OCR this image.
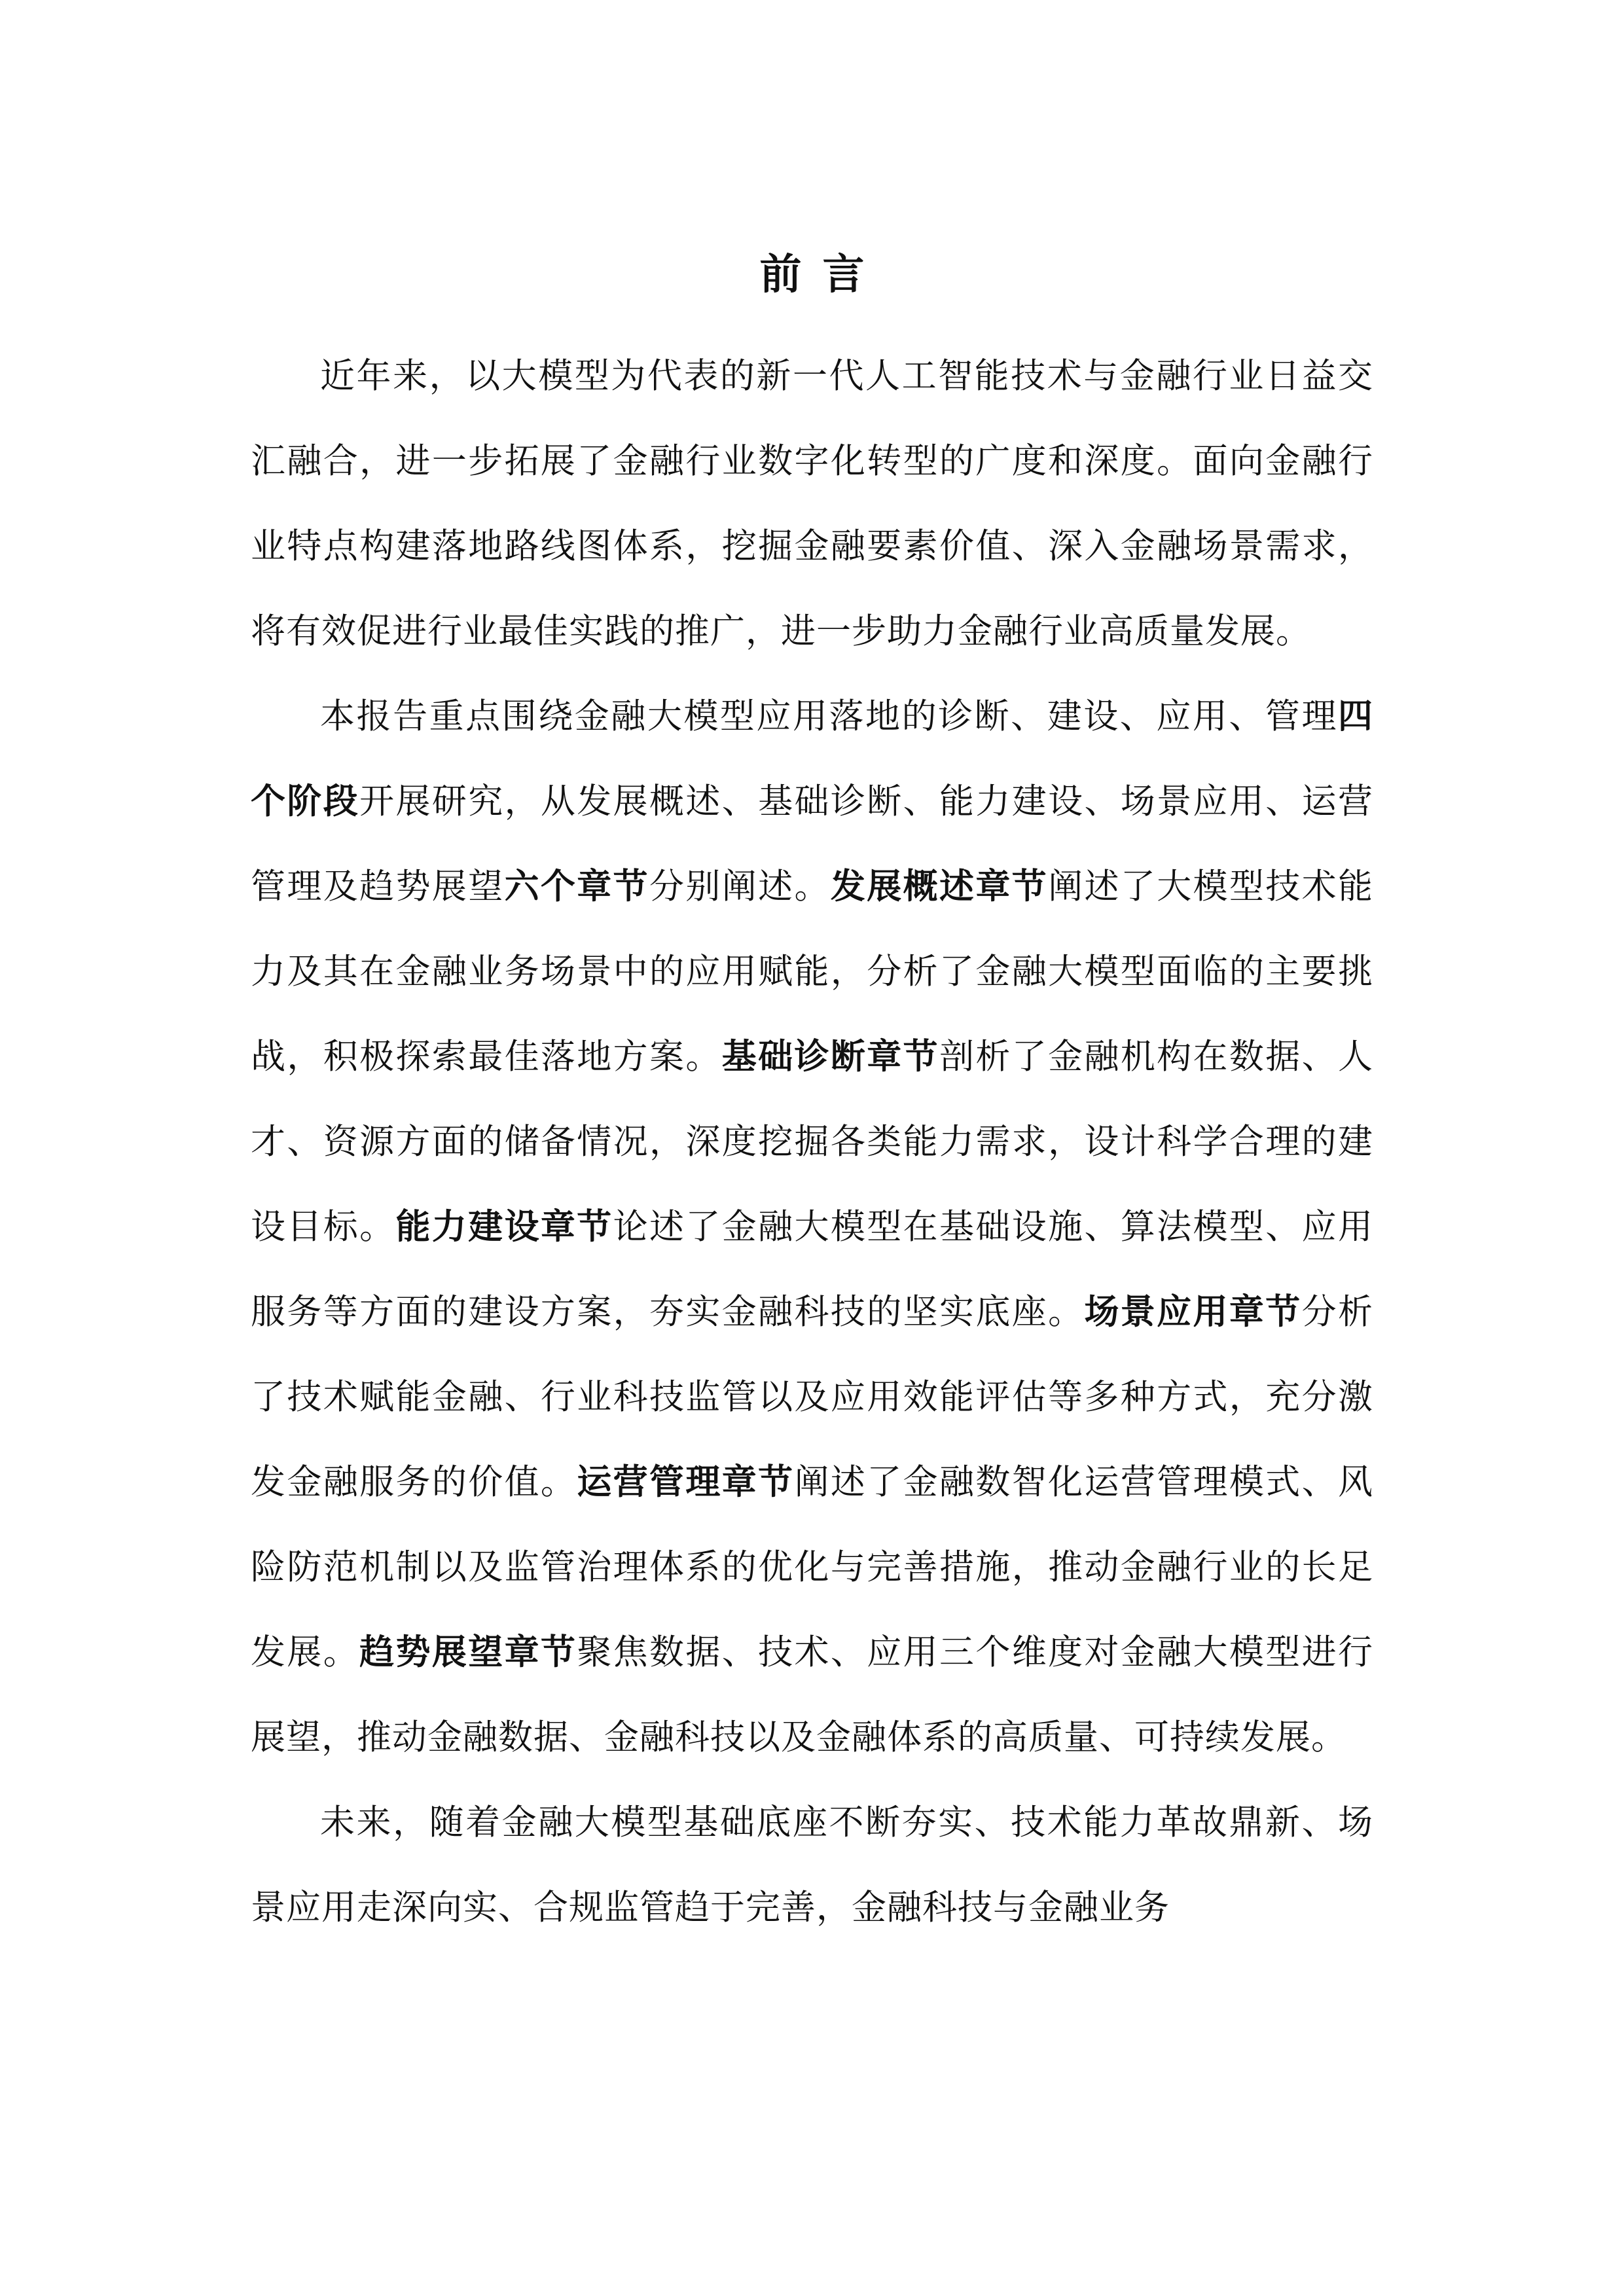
前言

近年来，以大模型为代表的新一代人工智能技术与金融行业日益交汇融合，进一步拓展了金融行业数字化转型的广度和深度。面向金融行业特点构建落地路线图体系，挖掘金融要素价值、深入金融场景需求，将有效促进行业最佳实践的推广，进一步助力金融行业高质量发展。

本报告重点围绕金融大模型应用落地的诊断、建设、应用、管理四个阶段开展研究，从发展概述、基础诊断、能力建设、场景应用、运营管理及趋势展望六个章节分别阐述。发展概述章节阐述了大模型技术能力及其在金融业务场景中的应用赋能，分析了金融大模型面临的主要挑战，积极探索最佳落地方案。基础诊断章节剖析了金融机构在数据、人才、资源方面的储备情况，深度挖掘各类能力需求，设计科学合理的建设目标。能力建设章节论述了金融大模型在基础设施、算法模型、应用服务等方面的建设方案，夯实金融科技的坚实底座。场景应用章节分析了技术赋能金融、行业科技监管以及应用效能评估等多种方式，充分激发金融服务的价值。运营管理章节阐述了金融数智化运营管理模式、风险防范机制以及监管治理体系的优化与完善措施，推动金融行业的长足发展。趋势展望章节聚焦数据、技术、应用三个维度对金融大模型进行展望，推动金融数据、金融科技以及金融体系的高质量、可持续发展。

未来，随着金融大模型基础底座不断夯实、技术能力革故鼎新、场景应用走深向实、合规监管趋于完善，金融科技与金融业务
